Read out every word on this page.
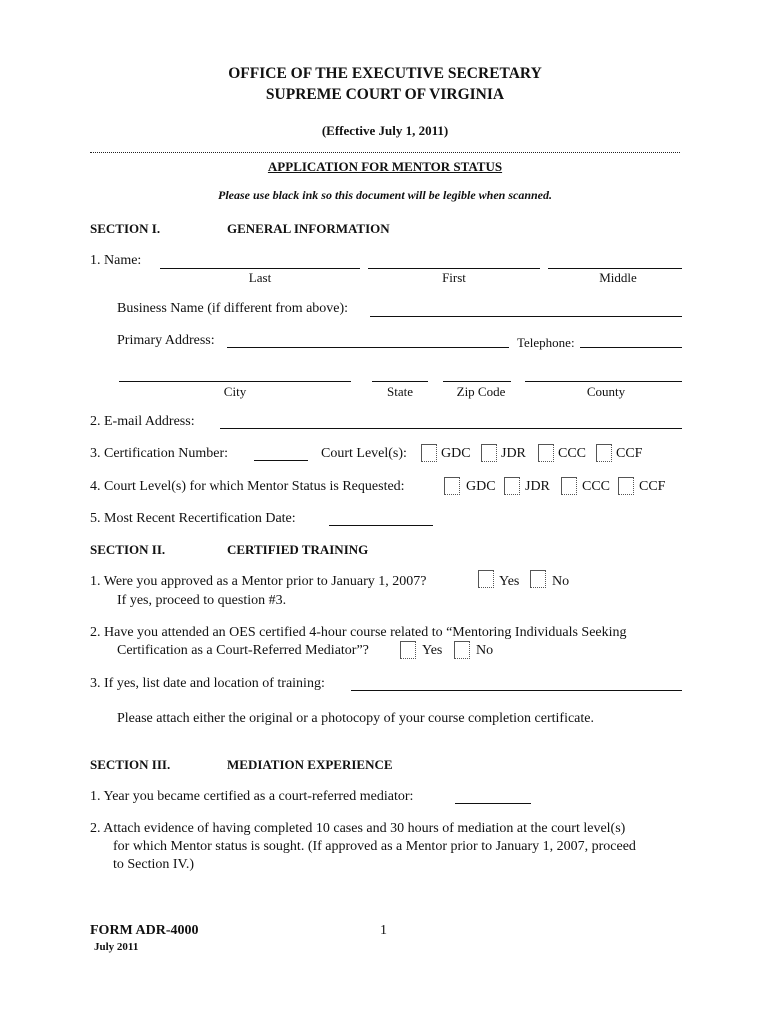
OFFICE OF THE EXECUTIVE SECRETARY
SUPREME COURT OF VIRGINIA
(Effective July 1, 2011)
APPLICATION FOR MENTOR STATUS
Please use black ink so this document will be legible when scanned.
SECTION I.	GENERAL INFORMATION
1. Name:
Last	First	Middle
Business Name (if different from above):
Primary Address:	Telephone:
City	State	Zip Code	County
2. E-mail Address:
3. Certification Number:	Court Level(s): GDC JDR CCC CCF
4. Court Level(s) for which Mentor Status is Requested:	GDC JDR CCC CCF
5. Most Recent Recertification Date:
SECTION II.	CERTIFIED TRAINING
1. Were you approved as a Mentor prior to January 1, 2007?	Yes No
If yes, proceed to question #3.
2. Have you attended an OES certified 4-hour course related to “Mentoring Individuals Seeking
Certification as a Court-Referred Mediator”?	Yes No
3. If yes, list date and location of training:
Please attach either the original or a photocopy of your course completion certificate.
SECTION III.	MEDIATION EXPERIENCE
1. Year you became certified as a court-referred mediator:
2. Attach evidence of having completed 10 cases and 30 hours of mediation at the court level(s)
for which Mentor status is sought. (If approved as a Mentor prior to January 1, 2007, proceed
to Section IV.)
FORM ADR-4000	1
July 2011
